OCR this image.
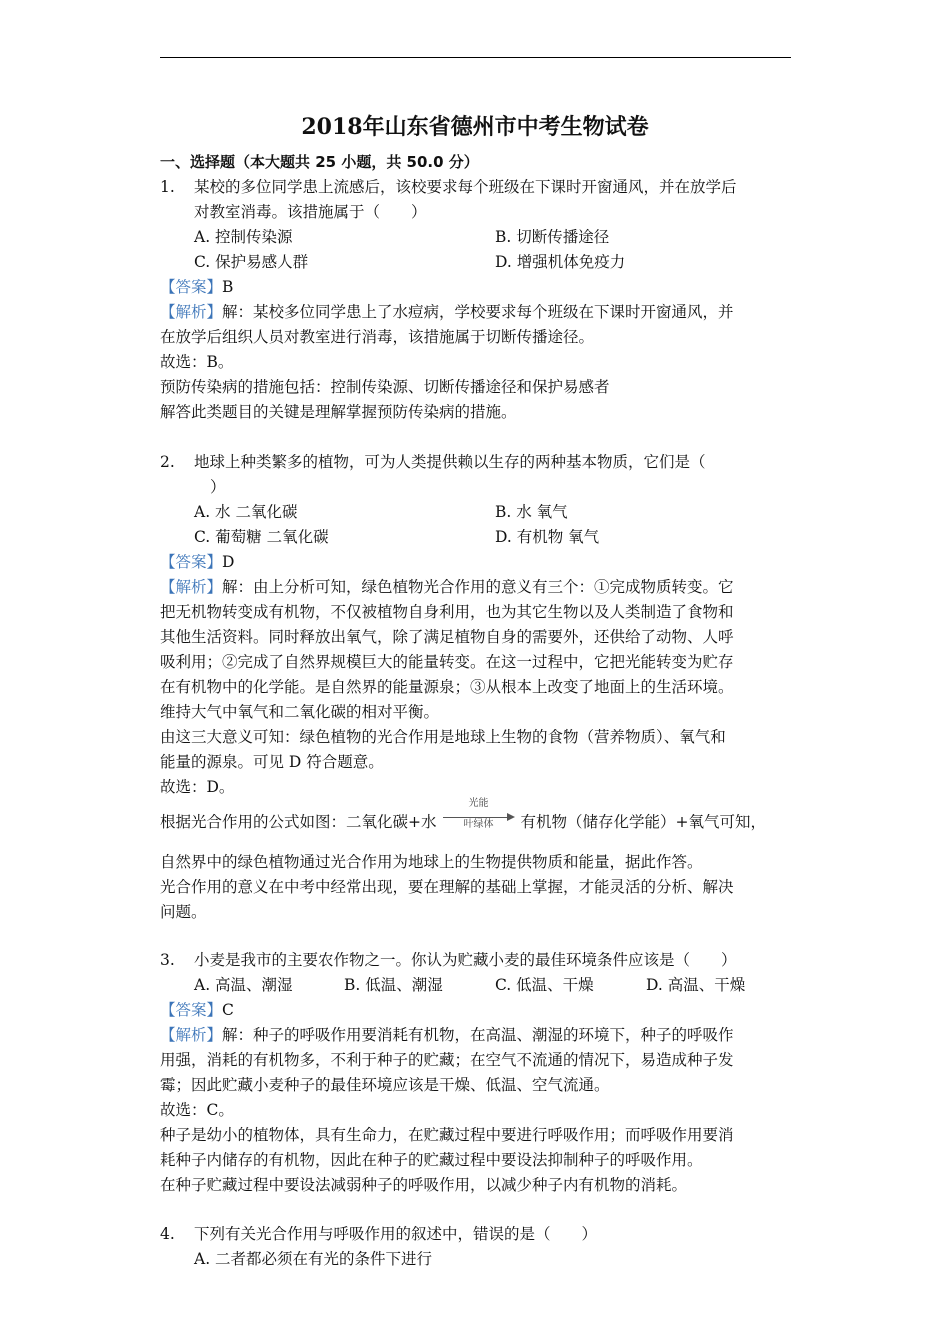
2018年山东省德州市中考生物试卷
一、选择题（本大题共 25 小题，共 50.0 分）
1. 某校的多位同学患上流感后，该校要求每个班级在下课时开窗通风，并在放学后
对教室消毒。该措施属于（　　）
A. 控制传染源	B. 切断传播途径
C. 保护易感人群	D. 增强机体免疫力
【答案】B
【解析】解：某校多位同学患上了水痘病，学校要求每个班级在下课时开窗通风，并
在放学后组织人员对教室进行消毒，该措施属于切断传播途径。
故选：B。
预防传染病的措施包括：控制传染源、切断传播途径和保护易感者
解答此类题目的关键是理解掌握预防传染病的措施。
2. 地球上种类繁多的植物，可为人类提供赖以生存的两种基本物质，它们是（
）
A. 水 二氧化碳	B. 水 氧气
C. 葡萄糖 二氧化碳	D. 有机物 氧气
【答案】D
【解析】解：由上分析可知，绿色植物光合作用的意义有三个：①完成物质转变。它
把无机物转变成有机物，不仅被植物自身利用，也为其它生物以及人类制造了食物和
其他生活资料。同时释放出氧气，除了满足植物自身的需要外，还供给了动物、人呼
吸利用；②完成了自然界规模巨大的能量转变。在这一过程中，它把光能转变为贮存
在有机物中的化学能。是自然界的能量源泉；③从根本上改变了地面上的生活环境。
维持大气中氧气和二氧化碳的相对平衡。
由这三大意义可知：绿色植物的光合作用是地球上生物的食物（营养物质）、氧气和
能量的源泉。可见 D 符合题意。
故选：D。
根据光合作用的公式如图：二氧化碳+水
光能
叶绿体	有机物（储存化学能）+氧气可知，
自然界中的绿色植物通过光合作用为地球上的生物提供物质和能量，据此作答。
光合作用的意义在中考中经常出现，要在理解的基础上掌握，才能灵活的分析、解决
问题。
3. 小麦是我市的主要农作物之一。你认为贮藏小麦的最佳环境条件应该是（　　）
A. 高温、潮湿	B. 低温、潮湿	C. 低温、干燥	D. 高温、干燥
【答案】C
【解析】解：种子的呼吸作用要消耗有机物，在高温、潮湿的环境下，种子的呼吸作
用强，消耗的有机物多，不利于种子的贮藏；在空气不流通的情况下，易造成种子发
霉；因此贮藏小麦种子的最佳环境应该是干燥、低温、空气流通。
故选：C。
种子是幼小的植物体，具有生命力，在贮藏过程中要进行呼吸作用；而呼吸作用要消
耗种子内储存的有机物，因此在种子的贮藏过程中要设法抑制种子的呼吸作用。
在种子贮藏过程中要设法减弱种子的呼吸作用，以减少种子内有机物的消耗。
4. 下列有关光合作用与呼吸作用的叙述中，错误的是（　　）
A. 二者都必须在有光的条件下进行
